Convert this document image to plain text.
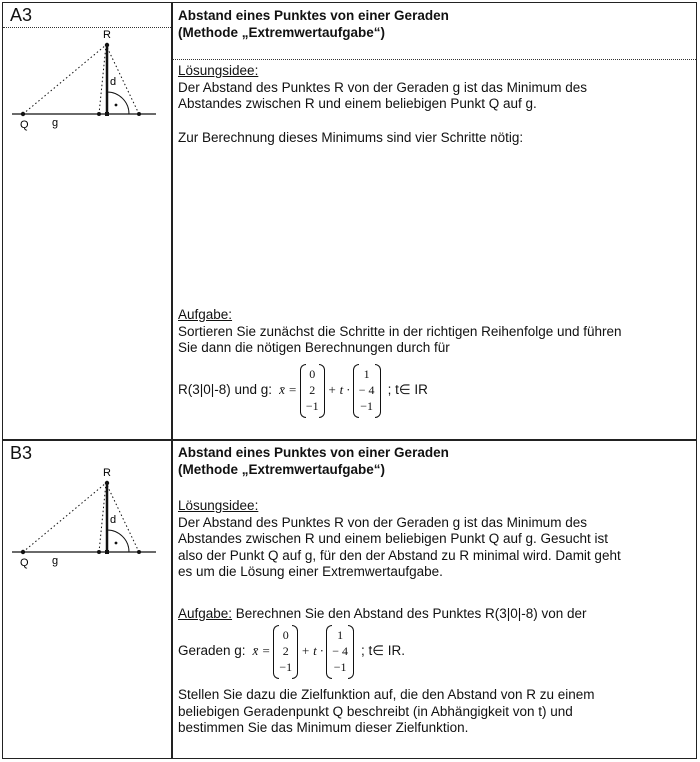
A3
R
d
Q g
Abstand eines Punktes von einer Geraden
(Methode „Extremwertaufgabe“)
Lösungsidee:
Der Abstand des Punktes R von der Geraden g ist das Minimum des
Abstandes zwischen R und einem beliebigen Punkt Q auf g.
Zur Berechnung dieses Minimums sind vier Schritte nötig:
Aufgabe:
Sortieren Sie zunächst die Schritte in der richtigen Reihenfolge und führen
Sie dann die nötigen Berechnungen durch für
R(3|0|-8) und g: x̄ =
0
2
−1
+ t ·
1
− 4
−1
; t∈ IR
B3
R
d
Q g
Abstand eines Punktes von einer Geraden
(Methode „Extremwertaufgabe“)
Lösungsidee:
Der Abstand des Punktes R von der Geraden g ist das Minimum des
Abstandes zwischen R und einem beliebigen Punkt Q auf g. Gesucht ist
also der Punkt Q auf g, für den der Abstand zu R minimal wird. Damit geht
es um die Lösung einer Extremwertaufgabe.
Aufgabe: Berechnen Sie den Abstand des Punktes R(3|0|-8) von der
Geraden g: x̄ =
0
2
−1
+ t ·
1
− 4
−1
; t∈ IR.
Stellen Sie dazu die Zielfunktion auf, die den Abstand von R zu einem
beliebigen Geradenpunkt Q beschreibt (in Abhängigkeit von t) und
bestimmen Sie das Minimum dieser Zielfunktion.
